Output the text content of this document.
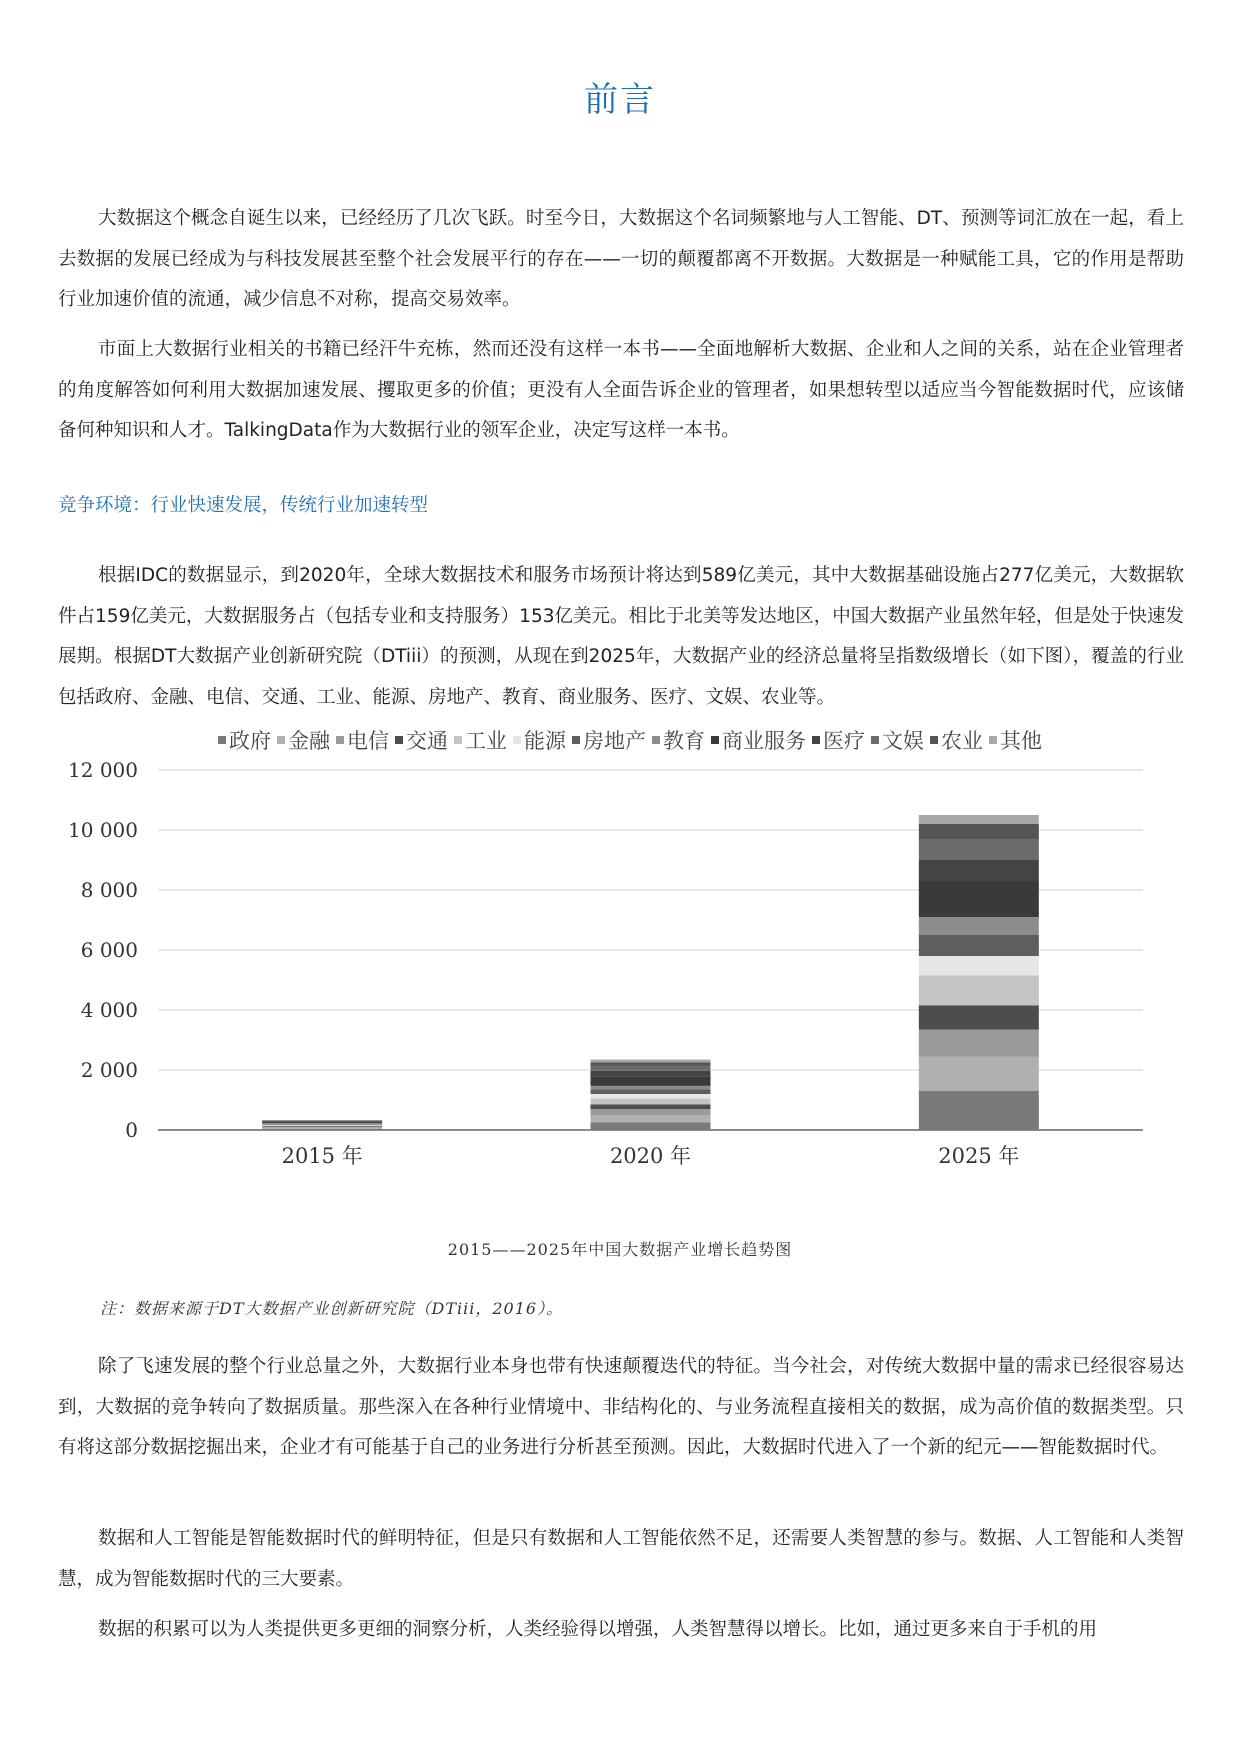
前言

大数据这个概念自诞生以来，已经经历了几次飞跃。时至今日，大数据这个名词频繁地与人工智能、DT、预测等词汇放在一起，看上去数据的发展已经成为与科技发展甚至整个社会发展平行的存在——一切的颠覆都离不开数据。大数据是一种赋能工具，它的作用是帮助行业加速价值的流通，减少信息不对称，提高交易效率。

市面上大数据行业相关的书籍已经汗牛充栋，然而还没有这样一本书——全面地解析大数据、企业和人之间的关系，站在企业管理者的角度解答如何利用大数据加速发展、攫取更多的价值；更没有人全面告诉企业的管理者，如果想转型以适应当今智能数据时代，应该储备何种知识和人才。TalkingData作为大数据行业的领军企业，决定写这样一本书。

竞争环境：行业快速发展，传统行业加速转型

根据IDC的数据显示，到2020年，全球大数据技术和服务市场预计将达到589亿美元，其中大数据基础设施占277亿美元，大数据软件占159亿美元，大数据服务占（包括专业和支持服务）153亿美元。相比于北美等发达地区，中国大数据产业虽然年轻，但是处于快速发展期。根据DT大数据产业创新研究院（DTiii）的预测，从现在到2025年，大数据产业的经济总量将呈指数级增长（如下图），覆盖的行业包括政府、金融、电信、交通、工业、能源、房地产、教育、商业服务、医疗、文娱、农业等。

政府 金融 电信 交通 工业 能源 房地产 教育 商业服务 医疗 文娱 农业 其他
0
2 000
4 000
6 000
8 000
10 000
12 000
2015 年	2020 年	2025 年
2015——2025年中国大数据产业增长趋势图
注：数据来源于DT大数据产业创新研究院（DTiii，2016）。

除了飞速发展的整个行业总量之外，大数据行业本身也带有快速颠覆迭代的特征。当今社会，对传统大数据中量的需求已经很容易达到，大数据的竞争转向了数据质量。那些深入在各种行业情境中、非结构化的、与业务流程直接相关的数据，成为高价值的数据类型。只有将这部分数据挖掘出来，企业才有可能基于自己的业务进行分析甚至预测。因此，大数据时代进入了一个新的纪元——智能数据时代。

数据和人工智能是智能数据时代的鲜明特征，但是只有数据和人工智能依然不足，还需要人类智慧的参与。数据、人工智能和人类智慧，成为智能数据时代的三大要素。

数据的积累可以为人类提供更多更细的洞察分析，人类经验得以增强，人类智慧得以增长。比如，通过更多来自于手机的用
